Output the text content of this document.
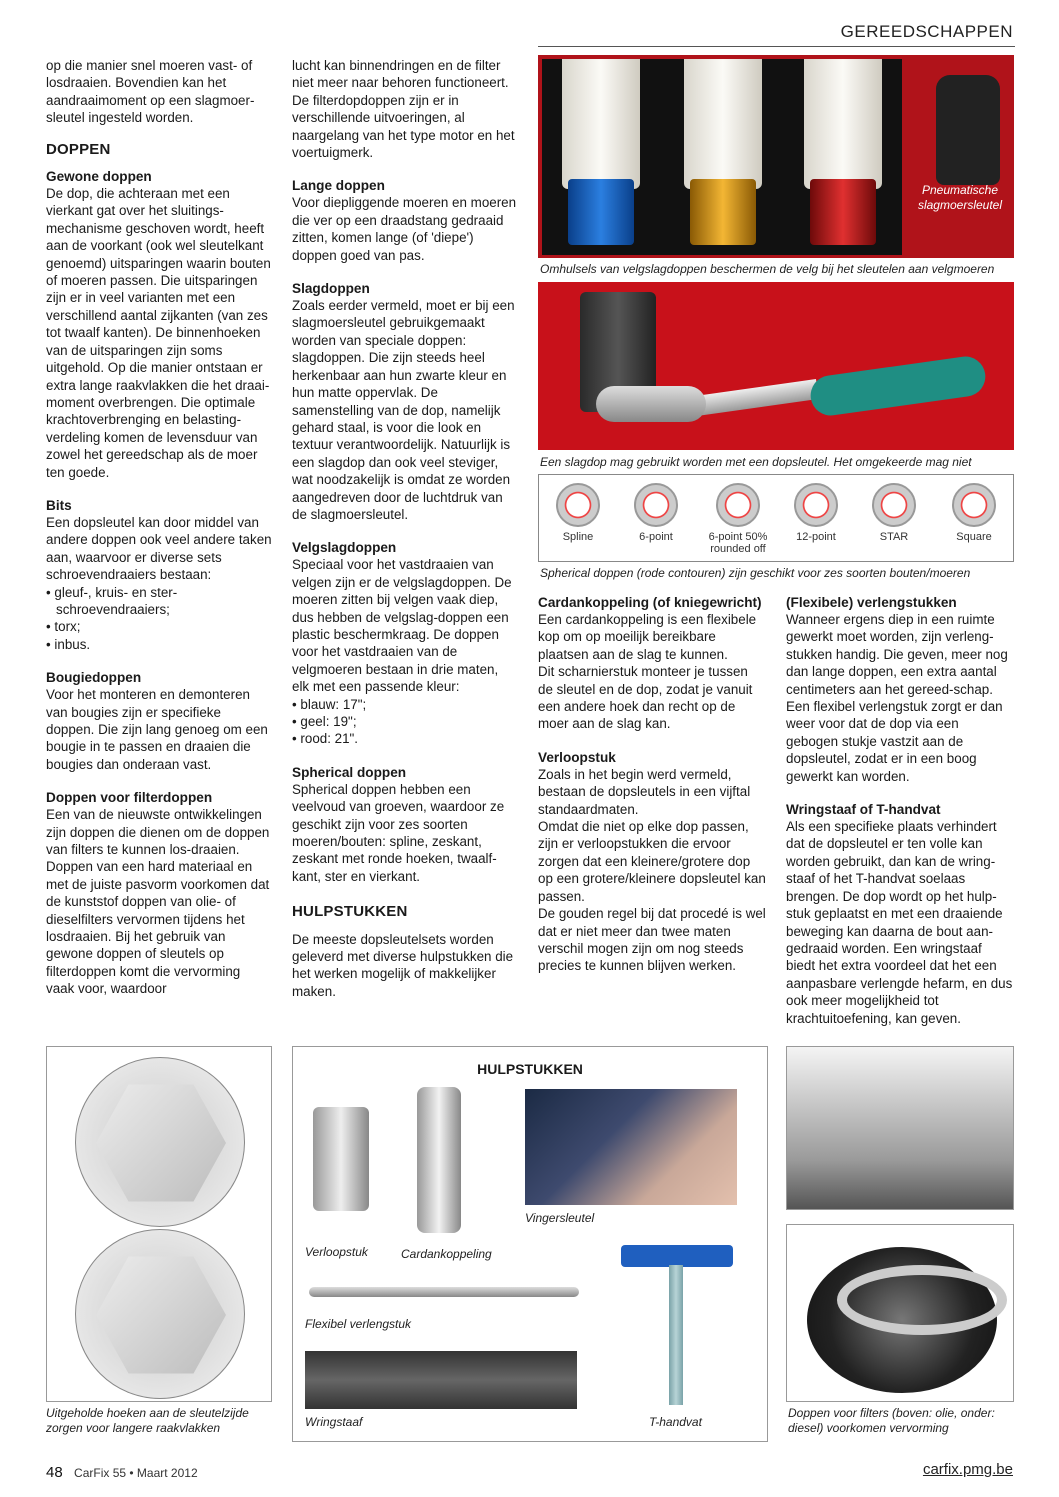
GEREEDSCHAPPEN

op die manier snel moeren vast- of losdraaien. Bovendien kan het aandraaimoment op een slagmoer-sleutel ingesteld worden.

DOPPEN
Gewone doppen

De dop, die achteraan met een vierkant gat over het sluitings-mechanisme geschoven wordt, heeft aan de voorkant (ook wel sleutelkant genoemd) uitsparingen waarin bouten of moeren passen. Die uitsparingen zijn er in veel varianten met een verschillend aantal zijkanten (van zes tot twaalf kanten). De binnenhoeken van de uitsparingen zijn soms uitgehold. Op die manier ontstaan er extra lange raakvlakken die het draai-moment overbrengen. Die optimale krachtoverbrenging en belasting-verdeling komen de levensduur van zowel het gereedschap als de moer ten goede.

Bits

Een dopsleutel kan door middel van andere doppen ook veel andere taken aan, waarvoor er diverse sets schroevendraaiers bestaan:

• gleuf-, kruis- en ster-schroevendraaiers;
• torx;
• inbus.
Bougiedoppen

Voor het monteren en demonteren van bougies zijn er specifieke doppen. Die zijn lang genoeg om een bougie in te passen en draaien die bougies dan onderaan vast.

Doppen voor filterdoppen

Een van de nieuwste ontwikkelingen zijn doppen die dienen om de doppen van filters te kunnen los-draaien. Doppen van een hard materiaal en met de juiste pasvorm voorkomen dat de kunststof doppen van olie- of dieselfilters vervormen tijdens het losdraaien. Bij het gebruik van gewone doppen of sleutels op filterdoppen komt die vervorming vaak voor, waardoor

lucht kan binnendringen en de filter niet meer naar behoren functioneert. De filterdopdoppen zijn er in verschillende uitvoeringen, al naargelang van het type motor en het voertuigmerk.

Lange doppen

Voor diepliggende moeren en moeren die ver op een draadstang gedraaid zitten, komen lange (of 'diepe') doppen goed van pas.

Slagdoppen

Zoals eerder vermeld, moet er bij een slagmoersleutel gebruikgemaakt worden van speciale doppen: slagdoppen. Die zijn steeds heel herkenbaar aan hun zwarte kleur en hun matte oppervlak. De samenstelling van de dop, namelijk gehard staal, is voor die look en textuur verantwoordelijk. Natuurlijk is een slagdop dan ook veel steviger, wat noodzakelijk is omdat ze worden aangedreven door de luchtdruk van de slagmoersleutel.

Velgslagdoppen

Speciaal voor het vastdraaien van velgen zijn er de velgslagdoppen. De moeren zitten bij velgen vaak diep, dus hebben de velgslag-doppen een plastic beschermkraag. De doppen voor het vastdraaien van de velgmoeren bestaan in drie maten, elk met een passende kleur:

• blauw: 17";
• geel: 19";
• rood: 21".
Spherical doppen

Spherical doppen hebben een veelvoud van groeven, waardoor ze geschikt zijn voor zes soorten moeren/bouten: spline, zeskant, zeskant met ronde hoeken, twaalf-kant, ster en vierkant.

HULPSTUKKEN

De meeste dopsleutelsets worden geleverd met diverse hulpstukken die het werken mogelijk of makkelijker maken.

Cardankoppeling (of kniegewricht)

Een cardankoppeling is een flexibele kop om op moeilijk bereikbare plaatsen aan de slag te kunnen.

Dit scharnierstuk monteer je tussen de sleutel en de dop, zodat je vanuit een andere hoek dan recht op de moer aan de slag kan.

Verloopstuk

Zoals in het begin werd vermeld, bestaan de dopsleutels in een vijftal standaardmaten.

Omdat die niet op elke dop passen, zijn er verloopstukken die ervoor zorgen dat een kleinere/grotere dop op een grotere/kleinere dopsleutel kan passen.

De gouden regel bij dat procedé is wel dat er niet meer dan twee maten verschil mogen zijn om nog steeds precies te kunnen blijven werken.

(Flexibele) verlengstukken

Wanneer ergens diep in een ruimte gewerkt moet worden, zijn verleng-stukken handig. Die geven, meer nog dan lange doppen, een extra aantal centimeters aan het gereed-schap. Een flexibel verlengstuk zorgt er dan weer voor dat de dop via een gebogen stukje vastzit aan de dopsleutel, zodat er in een boog gewerkt kan worden.

Wringstaaf of T-handvat

Als een specifieke plaats verhindert dat de dopsleutel er ten volle kan worden gebruikt, dan kan de wring-staaf of het T-handvat soelaas brengen. De dop wordt op het hulp-stuk geplaatst en met een draaiende beweging kan daarna de bout aan-gedraaid worden. Een wringstaaf biedt het extra voordeel dat het een aanpasbare verlengde hefarm, en dus ook meer mogelijkheid tot krachtuitoefening, kan geven.

Pneumatische slagmoersleutel
Omhulsels van velgslagdoppen beschermen de velg bij het sleutelen aan velgmoeren
Een slagdop mag gebruikt worden met een dopsleutel. Het omgekeerde mag niet
Spline	6-point	6-point 50% rounded off
12-point	STAR	Square
Spherical doppen (rode contouren) zijn geschikt voor zes soorten bouten/moeren
Uitgeholde hoeken aan de sleutelzijde zorgen voor langere raakvlakken
HULPSTUKKEN
Verloopstuk	Cardankoppeling
Vingersleutel
Flexibel verlengstuk
Wringstaaf	T-handvat
Doppen voor filters (boven: olie, onder: diesel) voorkomen vervorming
48 CarFix 55 • Maart 2012	carfix.pmg.be
